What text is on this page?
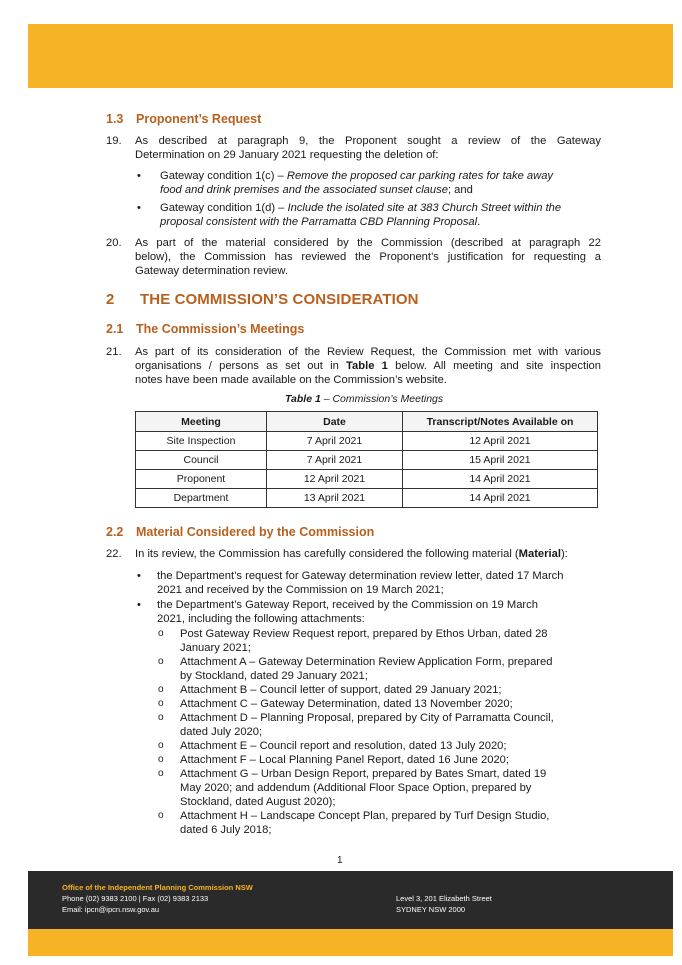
1.3 Proponent’s Request
19. As described at paragraph 9, the Proponent sought a review of the Gateway
Determination on 29 January 2021 requesting the deletion of:
• Gateway condition 1(c) – Remove the proposed car parking rates for take away
food and drink premises and the associated sunset clause; and
• Gateway condition 1(d) – Include the isolated site at 383 Church Street within the
proposal consistent with the Parramatta CBD Planning Proposal.
20. As part of the material considered by the Commission (described at paragraph 22
below), the Commission has reviewed the Proponent’s justification for requesting a
Gateway determination review.
2 THE COMMISSION’S CONSIDERATION
2.1 The Commission’s Meetings
21. As part of its consideration of the Review Request, the Commission met with various
organisations / persons as set out in Table 1 below. All meeting and site inspection
notes have been made available on the Commission’s website.
Table 1 – Commission’s Meetings
Meeting	Date	Transcript/Notes Available on
Site Inspection	7 April 2021	12 April 2021
Council	7 April 2021	15 April 2021
Proponent	12 April 2021	14 April 2021
Department	13 April 2021	14 April 2021
2.2 Material Considered by the Commission
22. In its review, the Commission has carefully considered the following material (Material):
• the Department’s request for Gateway determination review letter, dated 17 March
2021 and received by the Commission on 19 March 2021;
• the Department’s Gateway Report, received by the Commission on 19 March
2021, including the following attachments:
o Post Gateway Review Request report, prepared by Ethos Urban, dated 28
January 2021;
o Attachment A – Gateway Determination Review Application Form, prepared
by Stockland, dated 29 January 2021;
o Attachment B – Council letter of support, dated 29 January 2021;
o Attachment C – Gateway Determination, dated 13 November 2020;
o Attachment D – Planning Proposal, prepared by City of Parramatta Council,
dated July 2020;
o Attachment E – Council report and resolution, dated 13 July 2020;
o Attachment F – Local Planning Panel Report, dated 16 June 2020;
o Attachment G – Urban Design Report, prepared by Bates Smart, dated 19
May 2020; and addendum (Additional Floor Space Option, prepared by
Stockland, dated August 2020);
o Attachment H – Landscape Concept Plan, prepared by Turf Design Studio,
dated 6 July 2018;
1
Office of the Independent Planning Commission NSW
Phone (02) 9383 2100 | Fax (02) 9383 2133
Email: ipcn@ipcn.nsw.gov.au
Level 3, 201 Elizabeth Street
SYDNEY NSW 2000
